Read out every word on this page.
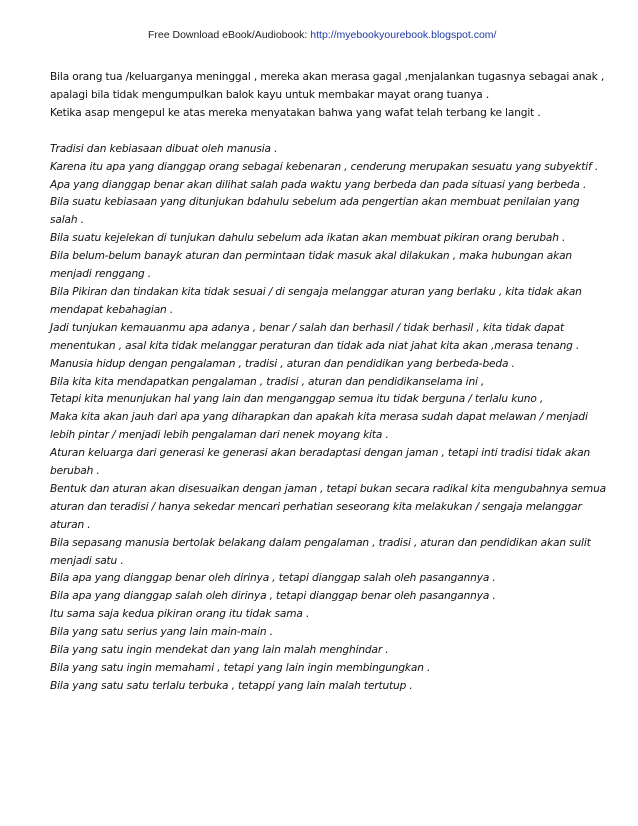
Free Download eBook/Audiobook: http://myebookyourebook.blogspot.com/

Bila orang tua /keluarganya meninggal , mereka akan merasa gagal ,menjalankan tugasnya sebagai anak , apalagi bila tidak mengumpulkan balok kayu untuk membakar mayat orang tuanya .

Ketika asap mengepul ke atas mereka menyatakan bahwa yang wafat telah terbang ke langit .

Tradisi dan kebiasaan dibuat oleh manusia .

Karena itu apa yang dianggap orang sebagai kebenaran , cenderung merupakan sesuatu yang subyektif .

Apa yang dianggap benar akan dilihat salah pada waktu yang berbeda dan pada situasi yang berbeda .

Bila suatu kebiasaan yang ditunjukan bdahulu sebelum ada pengertian akan membuat penilaian yang salah .

Bila suatu kejelekan di tunjukan dahulu sebelum ada ikatan akan membuat pikiran orang berubah .

Bila belum-belum banayk aturan dan permintaan tidak masuk akal dilakukan , maka hubungan akan menjadi renggang .

Bila Pikiran dan tindakan kita tidak sesuai / di sengaja melanggar aturan yang berlaku , kita tidak akan mendapat kebahagian .

Jadi tunjukan kemauanmu apa adanya , benar / salah dan berhasil / tidak berhasil , kita tidak dapat menentukan , asal kita tidak melanggar peraturan dan tidak ada niat jahat kita akan ,merasa tenang .

Manusia hidup dengan pengalaman , tradisi , aturan dan pendidikan yang berbeda-beda .

Bila kita kita mendapatkan pengalaman , tradisi , aturan dan pendidikanselama ini ,

Tetapi kita menunjukan hal yang lain dan menganggap semua itu tidak berguna / terlalu kuno ,

Maka kita akan jauh dari apa yang diharapkan dan apakah kita merasa sudah dapat melawan / menjadi lebih pintar / menjadi lebih pengalaman dari nenek moyang kita .

Aturan keluarga dari generasi ke generasi akan beradaptasi dengan jaman , tetapi inti tradisi tidak akan berubah .

Bentuk dan aturan akan disesuaikan dengan jaman , tetapi bukan secara radikal kita mengubahnya semua aturan dan teradisi / hanya sekedar mencari perhatian seseorang kita melakukan / sengaja melanggar aturan .

Bila sepasang manusia bertolak belakang dalam pengalaman , tradisi , aturan dan pendidikan akan sulit menjadi satu .

Bila apa yang dianggap benar oleh dirinya , tetapi dianggap salah oleh pasangannya .

Bila apa yang dianggap salah oleh dirinya , tetapi dianggap benar oleh pasangannya .

Itu sama saja kedua pikiran orang itu tidak sama .

Bila yang satu serius yang lain main-main .

Bila yang satu ingin mendekat dan yang lain malah menghindar .

Bila yang satu ingin memahami , tetapi yang lain ingin membingungkan .

Bila yang satu satu terlalu terbuka , tetappi yang lain malah tertutup .
